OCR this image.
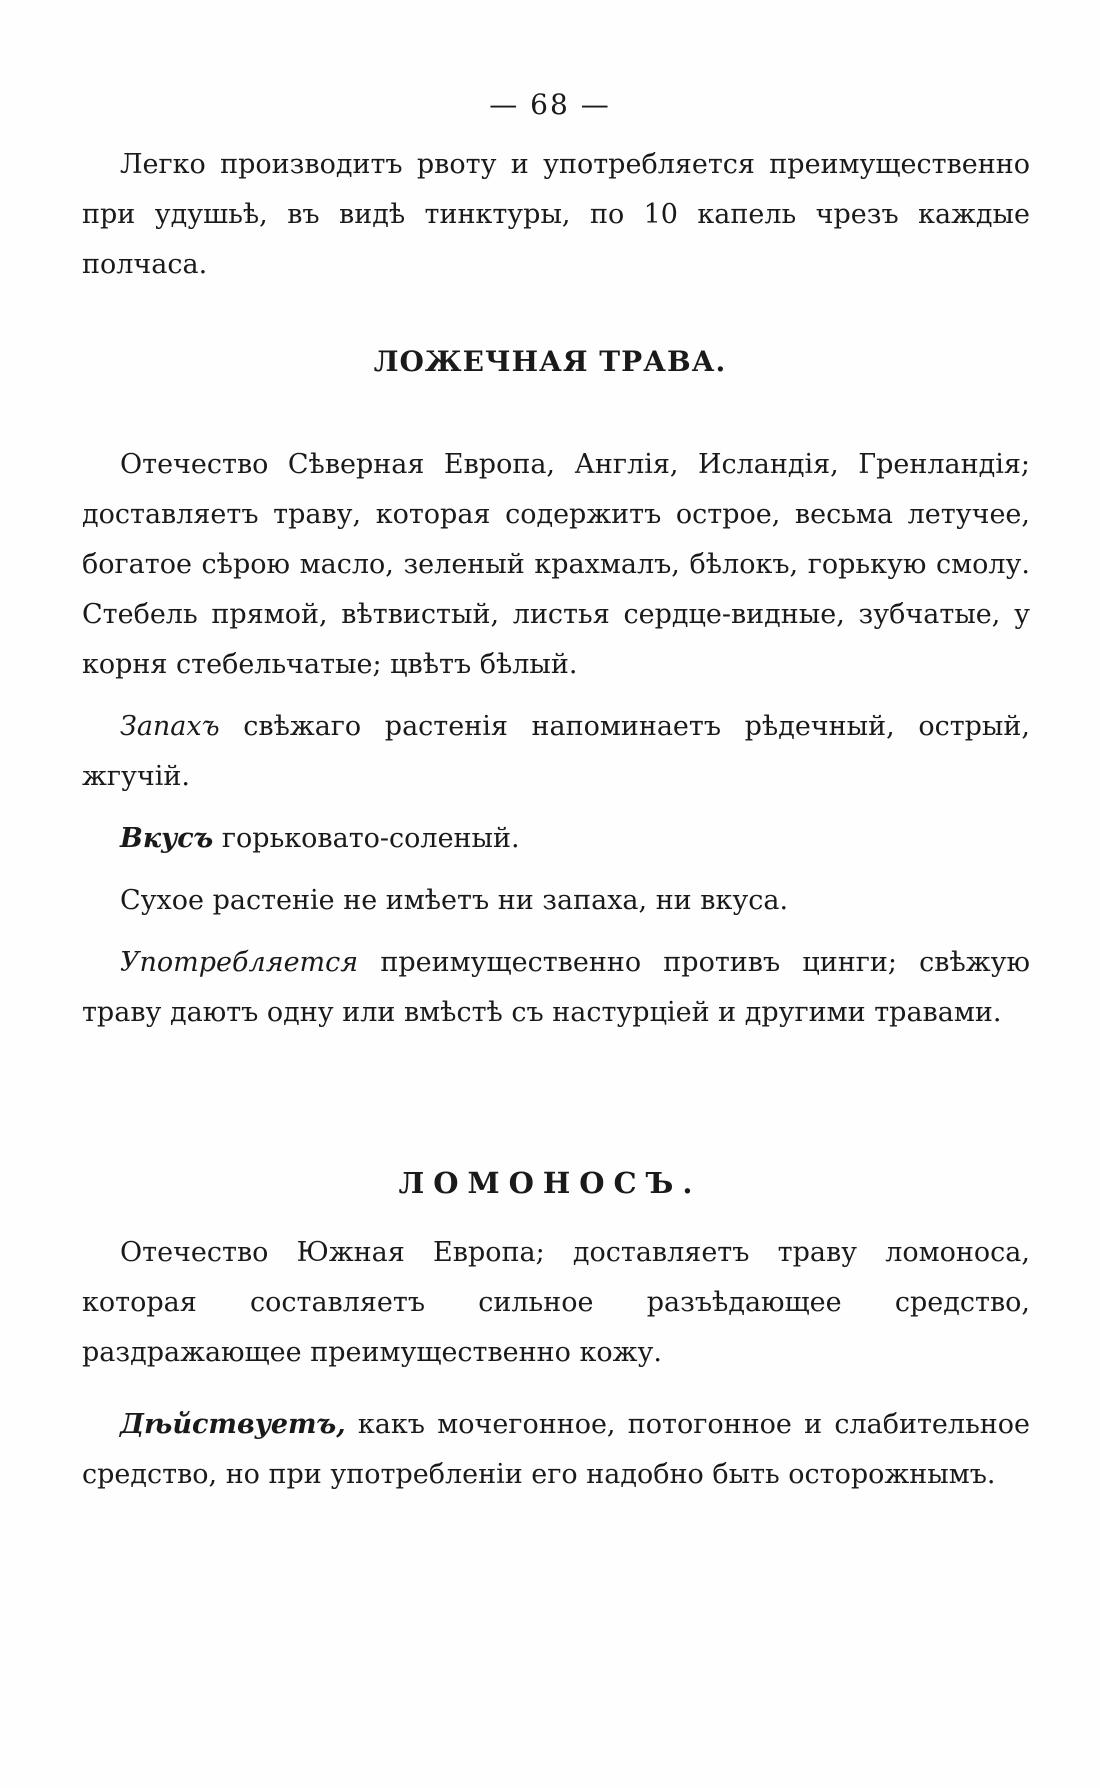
— 68 —

Легко производитъ рвоту и употребляется преимущественно при удушьѣ, въ видѣ тинктуры, по 10 капель чрезъ каждые полчаса.

ЛОЖЕЧНАЯ ТРАВА.

Отечество Сѣверная Европа, Англія, Исландія, Гренландія; доставляетъ траву, которая содержитъ острое, весьма летучее, богатое сѣрою масло, зеленый крахмалъ, бѣлокъ, горькую смолу. Стебель прямой, вѣтвистый, листья сердце-видные, зубчатые, у корня стебельчатые; цвѣтъ бѣлый.

Запахъ свѣжаго растенія напоминаетъ рѣдечный, острый, жгучій.

Вкусъ горьковато-соленый.

Сухое растеніе не имѣетъ ни запаха, ни вкуса.

Употребляется преимущественно противъ цинги; свѣжую траву даютъ одну или вмѣстѣ съ настурціей и другими травами.

ЛОМОНОСЪ.

Отечество Южная Европа; доставляетъ траву ломоноса, которая составляетъ сильное разъѣдающее средство, раздражающее преимущественно кожу.

Дѣйствуетъ, какъ мочегонное, потогонное и слабительное средство, но при употребленіи его надобно быть осторожнымъ.
